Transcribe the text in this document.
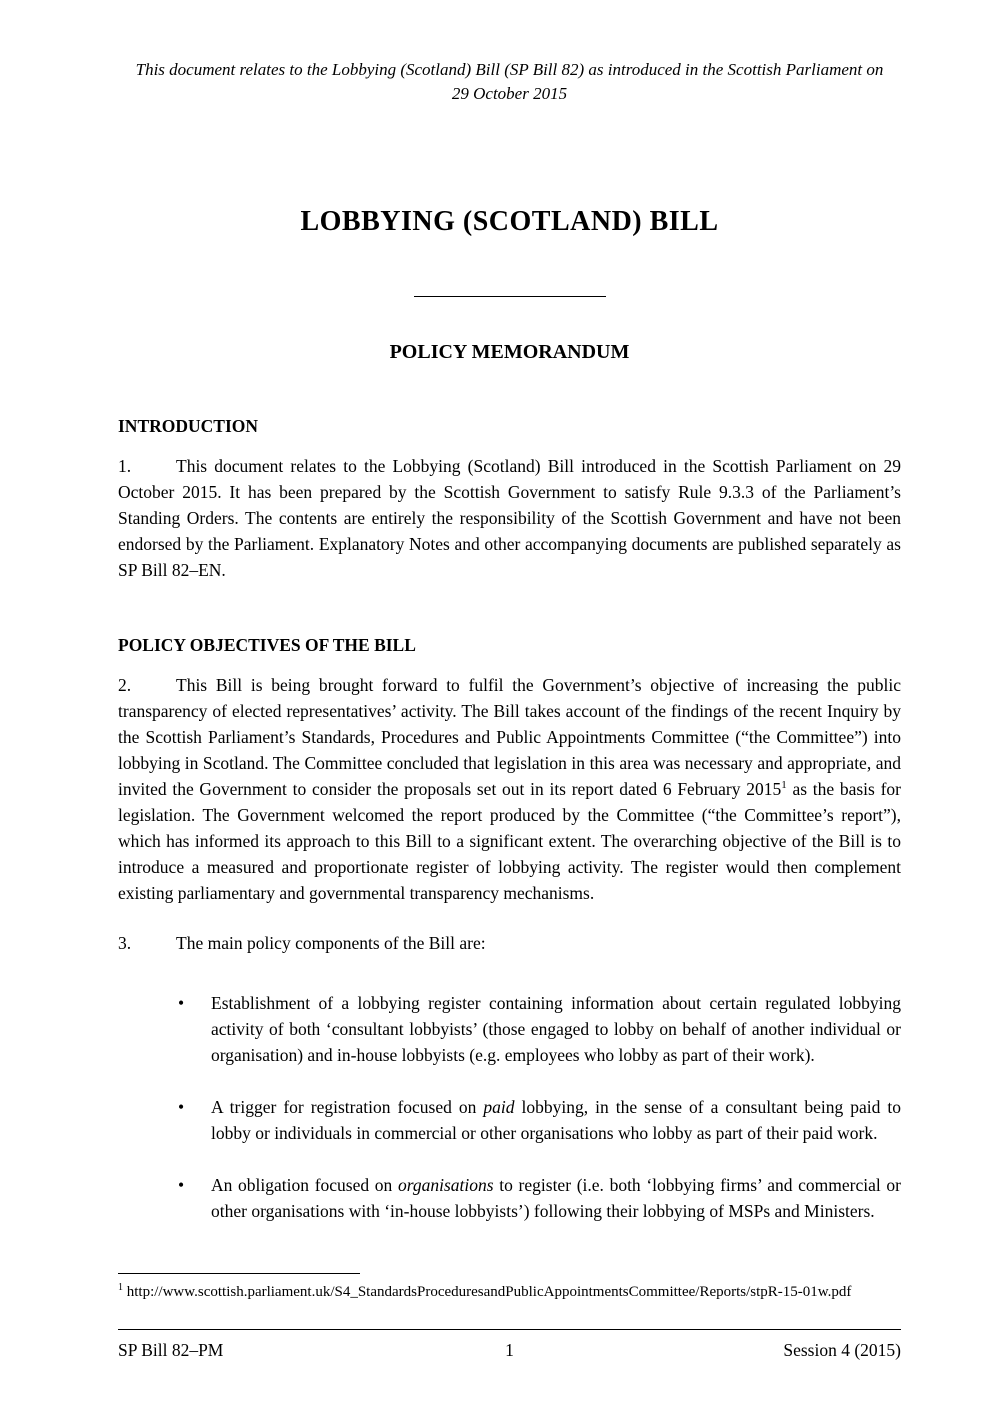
This document relates to the Lobbying (Scotland) Bill (SP Bill 82) as introduced in the Scottish Parliament on 29 October 2015
LOBBYING (SCOTLAND) BILL
POLICY MEMORANDUM
INTRODUCTION

1.	This document relates to the Lobbying (Scotland) Bill introduced in the Scottish Parliament on 29 October 2015. It has been prepared by the Scottish Government to satisfy Rule 9.3.3 of the Parliament’s Standing Orders. The contents are entirely the responsibility of the Scottish Government and have not been endorsed by the Parliament. Explanatory Notes and other accompanying documents are published separately as SP Bill 82–EN.

POLICY OBJECTIVES OF THE BILL

2.	This Bill is being brought forward to fulfil the Government’s objective of increasing the public transparency of elected representatives’ activity. The Bill takes account of the findings of the recent Inquiry by the Scottish Parliament’s Standards, Procedures and Public Appointments Committee (“the Committee”) into lobbying in Scotland. The Committee concluded that legislation in this area was necessary and appropriate, and invited the Government to consider the proposals set out in its report dated 6 February 2015$^1$ as the basis for legislation. The Government welcomed the report produced by the Committee (“the Committee’s report”), which has informed its approach to this Bill to a significant extent. The overarching objective of the Bill is to introduce a measured and proportionate register of lobbying activity. The register would then complement existing parliamentary and governmental transparency mechanisms.

3.	The main policy components of the Bill are:

• Establishment of a lobbying register containing information about certain regulated lobbying activity of both ‘consultant lobbyists’ (those engaged to lobby on behalf of another individual or organisation) and in-house lobbyists (e.g. employees who lobby as part of their work).
• A trigger for registration focused on paid lobbying, in the sense of a consultant being paid to lobby or individuals in commercial or other organisations who lobby as part of their paid work.
• An obligation focused on organisations to register (i.e. both ‘lobbying firms’ and commercial or other organisations with ‘in-house lobbyists’) following their lobbying of MSPs and Ministers.
$^1$ http://www.scottish.parliament.uk/S4_StandardsProceduresandPublicAppointmentsCommittee/Reports/stpR-15-01w.pdf
SP Bill 82–PM	1	Session 4 (2015)
